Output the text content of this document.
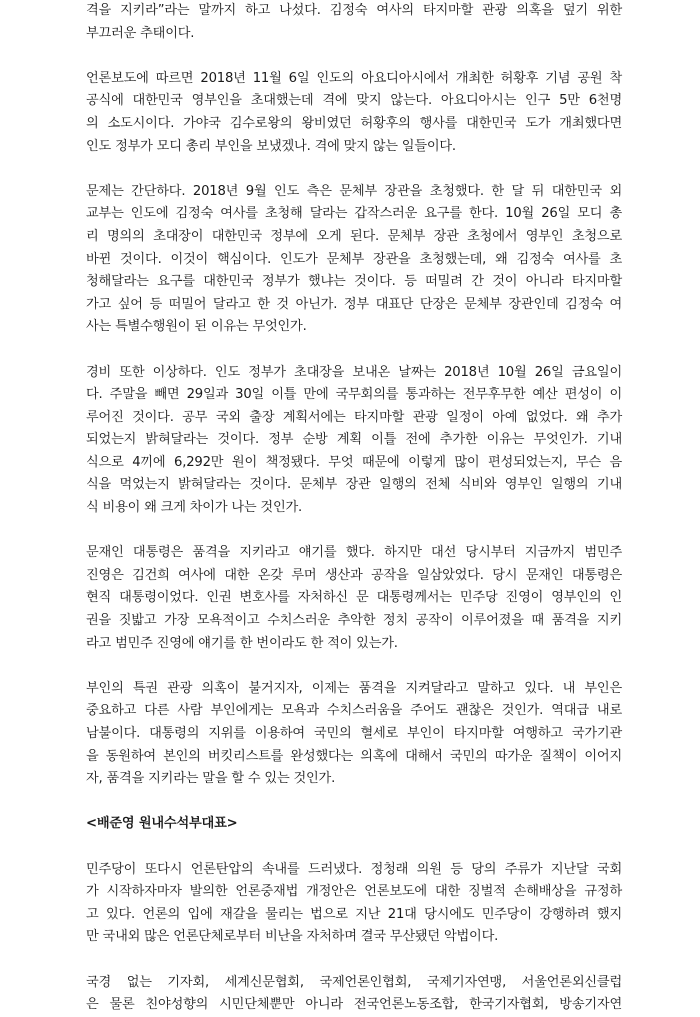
격을 지키라”라는 말까지 하고 나섰다. 김정숙 여사의 타지마할 관광 의혹을 덮기 위한
부끄러운 추태이다.
언론보도에 따르면 2018년 11월 6일 인도의 아요디아시에서 개최한 허황후 기념 공원 착
공식에 대한민국 영부인을 초대했는데 격에 맞지 않는다. 아요디아시는 인구 5만 6천명
의 소도시이다. 가야국 김수로왕의 왕비였던 허황후의 행사를 대한민국 도가 개최했다면
인도 정부가 모디 총리 부인을 보냈겠나. 격에 맞지 않는 일들이다.
문제는 간단하다. 2018년 9월 인도 측은 문체부 장관을 초청했다. 한 달 뒤 대한민국 외
교부는 인도에 김정숙 여사를 초청해 달라는 갑작스러운 요구를 한다. 10월 26일 모디 총
리 명의의 초대장이 대한민국 정부에 오게 된다. 문체부 장관 초청에서 영부인 초청으로
바뀐 것이다. 이것이 핵심이다. 인도가 문체부 장관을 초청했는데, 왜 김정숙 여사를 초
청해달라는 요구를 대한민국 정부가 했냐는 것이다. 등 떠밀려 간 것이 아니라 타지마할
가고 싶어 등 떠밀어 달라고 한 것 아닌가. 정부 대표단 단장은 문체부 장관인데 김정숙 여
사는 특별수행원이 된 이유는 무엇인가.
경비 또한 이상하다. 인도 정부가 초대장을 보내온 날짜는 2018년 10월 26일 금요일이
다. 주말을 빼면 29일과 30일 이틀 만에 국무회의를 통과하는 전무후무한 예산 편성이 이
루어진 것이다. 공무 국외 출장 계획서에는 타지마할 관광 일정이 아예 없었다. 왜 추가
되었는지 밝혀달라는 것이다. 정부 순방 계획 이틀 전에 추가한 이유는 무엇인가. 기내
식으로 4끼에 6,292만 원이 책정됐다. 무엇 때문에 이렇게 많이 편성되었는지, 무슨 음
식을 먹었는지 밝혀달라는 것이다. 문체부 장관 일행의 전체 식비와 영부인 일행의 기내
식 비용이 왜 크게 차이가 나는 것인가.
문재인 대통령은 품격을 지키라고 얘기를 했다. 하지만 대선 당시부터 지금까지 범민주
진영은 김건희 여사에 대한 온갖 루머 생산과 공작을 일삼았었다. 당시 문재인 대통령은
현직 대통령이었다. 인권 변호사를 자처하신 문 대통령께서는 민주당 진영이 영부인의 인
권을 짓밟고 가장 모욕적이고 수치스러운 추악한 정치 공작이 이루어졌을 때 품격을 지키
라고 범민주 진영에 얘기를 한 번이라도 한 적이 있는가.
부인의 특권 관광 의혹이 불거지자, 이제는 품격을 지켜달라고 말하고 있다. 내 부인은
중요하고 다른 사람 부인에게는 모욕과 수치스러움을 주어도 괜찮은 것인가. 역대급 내로
남불이다. 대통령의 지위를 이용하여 국민의 혈세로 부인이 타지마할 여행하고 국가기관
을 동원하여 본인의 버킷리스트를 완성했다는 의혹에 대해서 국민의 따가운 질책이 이어지
자, 품격을 지키라는 말을 할 수 있는 것인가.
<배준영 원내수석부대표>
민주당이 또다시 언론탄압의 속내를 드러냈다. 정청래 의원 등 당의 주류가 지난달 국회
가 시작하자마자 발의한 언론중재법 개정안은 언론보도에 대한 징벌적 손해배상을 규정하
고 있다. 언론의 입에 재갈을 물리는 법으로 지난 21대 당시에도 민주당이 강행하려 했지
만 국내외 많은 언론단체로부터 비난을 자처하며 결국 무산됐던 악법이다.
국경 없는 기자회, 세계신문협회, 국제언론인협회, 국제기자연맹, 서울언론외신클럽
은 물론 친야성향의 시민단체뿐만 아니라 전국언론노동조합, 한국기자협회, 방송기자연
